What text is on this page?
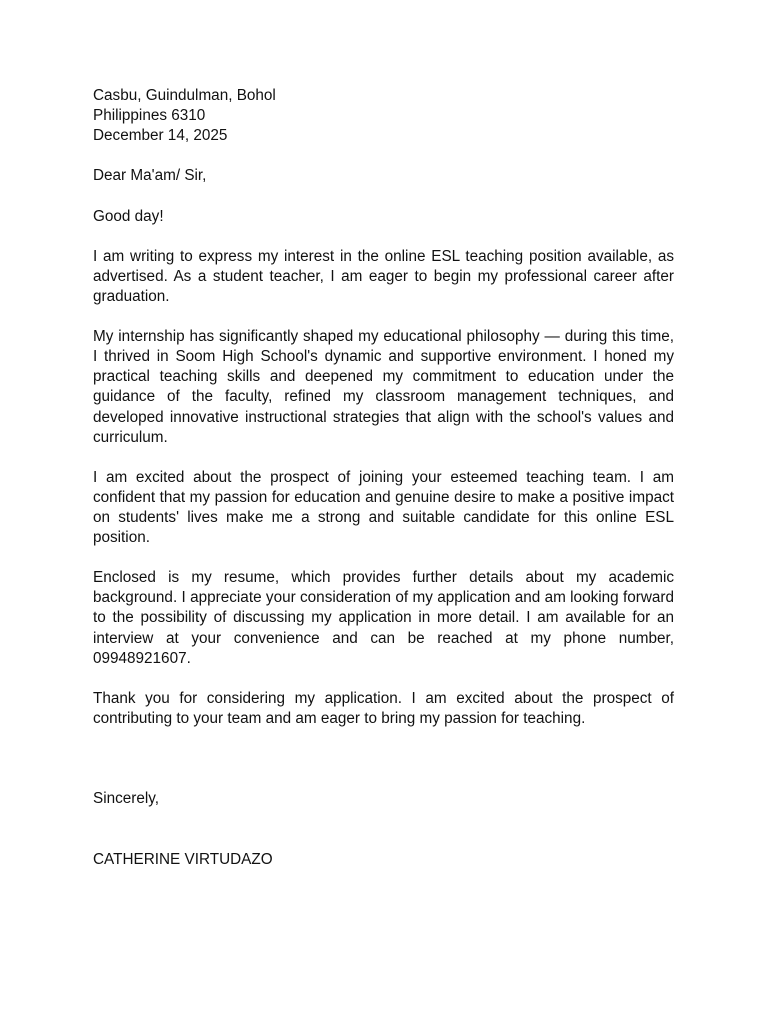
Casbu, Guindulman, Bohol
Philippines 6310
December 14, 2025
Dear Ma'am/ Sir,
Good day!

I am writing to express my interest in the online ESL teaching position available, as advertised. As a student teacher, I am eager to begin my professional career after graduation.

My internship has significantly shaped my educational philosophy — during this time, I thrived in Soom High School's dynamic and supportive environment. I honed my practical teaching skills and deepened my commitment to education under the guidance of the faculty, refined my classroom management techniques, and developed innovative instructional strategies that align with the school's values and curriculum.

I am excited about the prospect of joining your esteemed teaching team. I am confident that my passion for education and genuine desire to make a positive impact on students' lives make me a strong and suitable candidate for this online ESL position.

Enclosed is my resume, which provides further details about my academic background. I appreciate your consideration of my application and am looking forward to the possibility of discussing my application in more detail. I am available for an interview at your convenience and can be reached at my phone number, 09948921607.

Thank you for considering my application. I am excited about the prospect of contributing to your team and am eager to bring my passion for teaching.

Sincerely,
CATHERINE VIRTUDAZO
